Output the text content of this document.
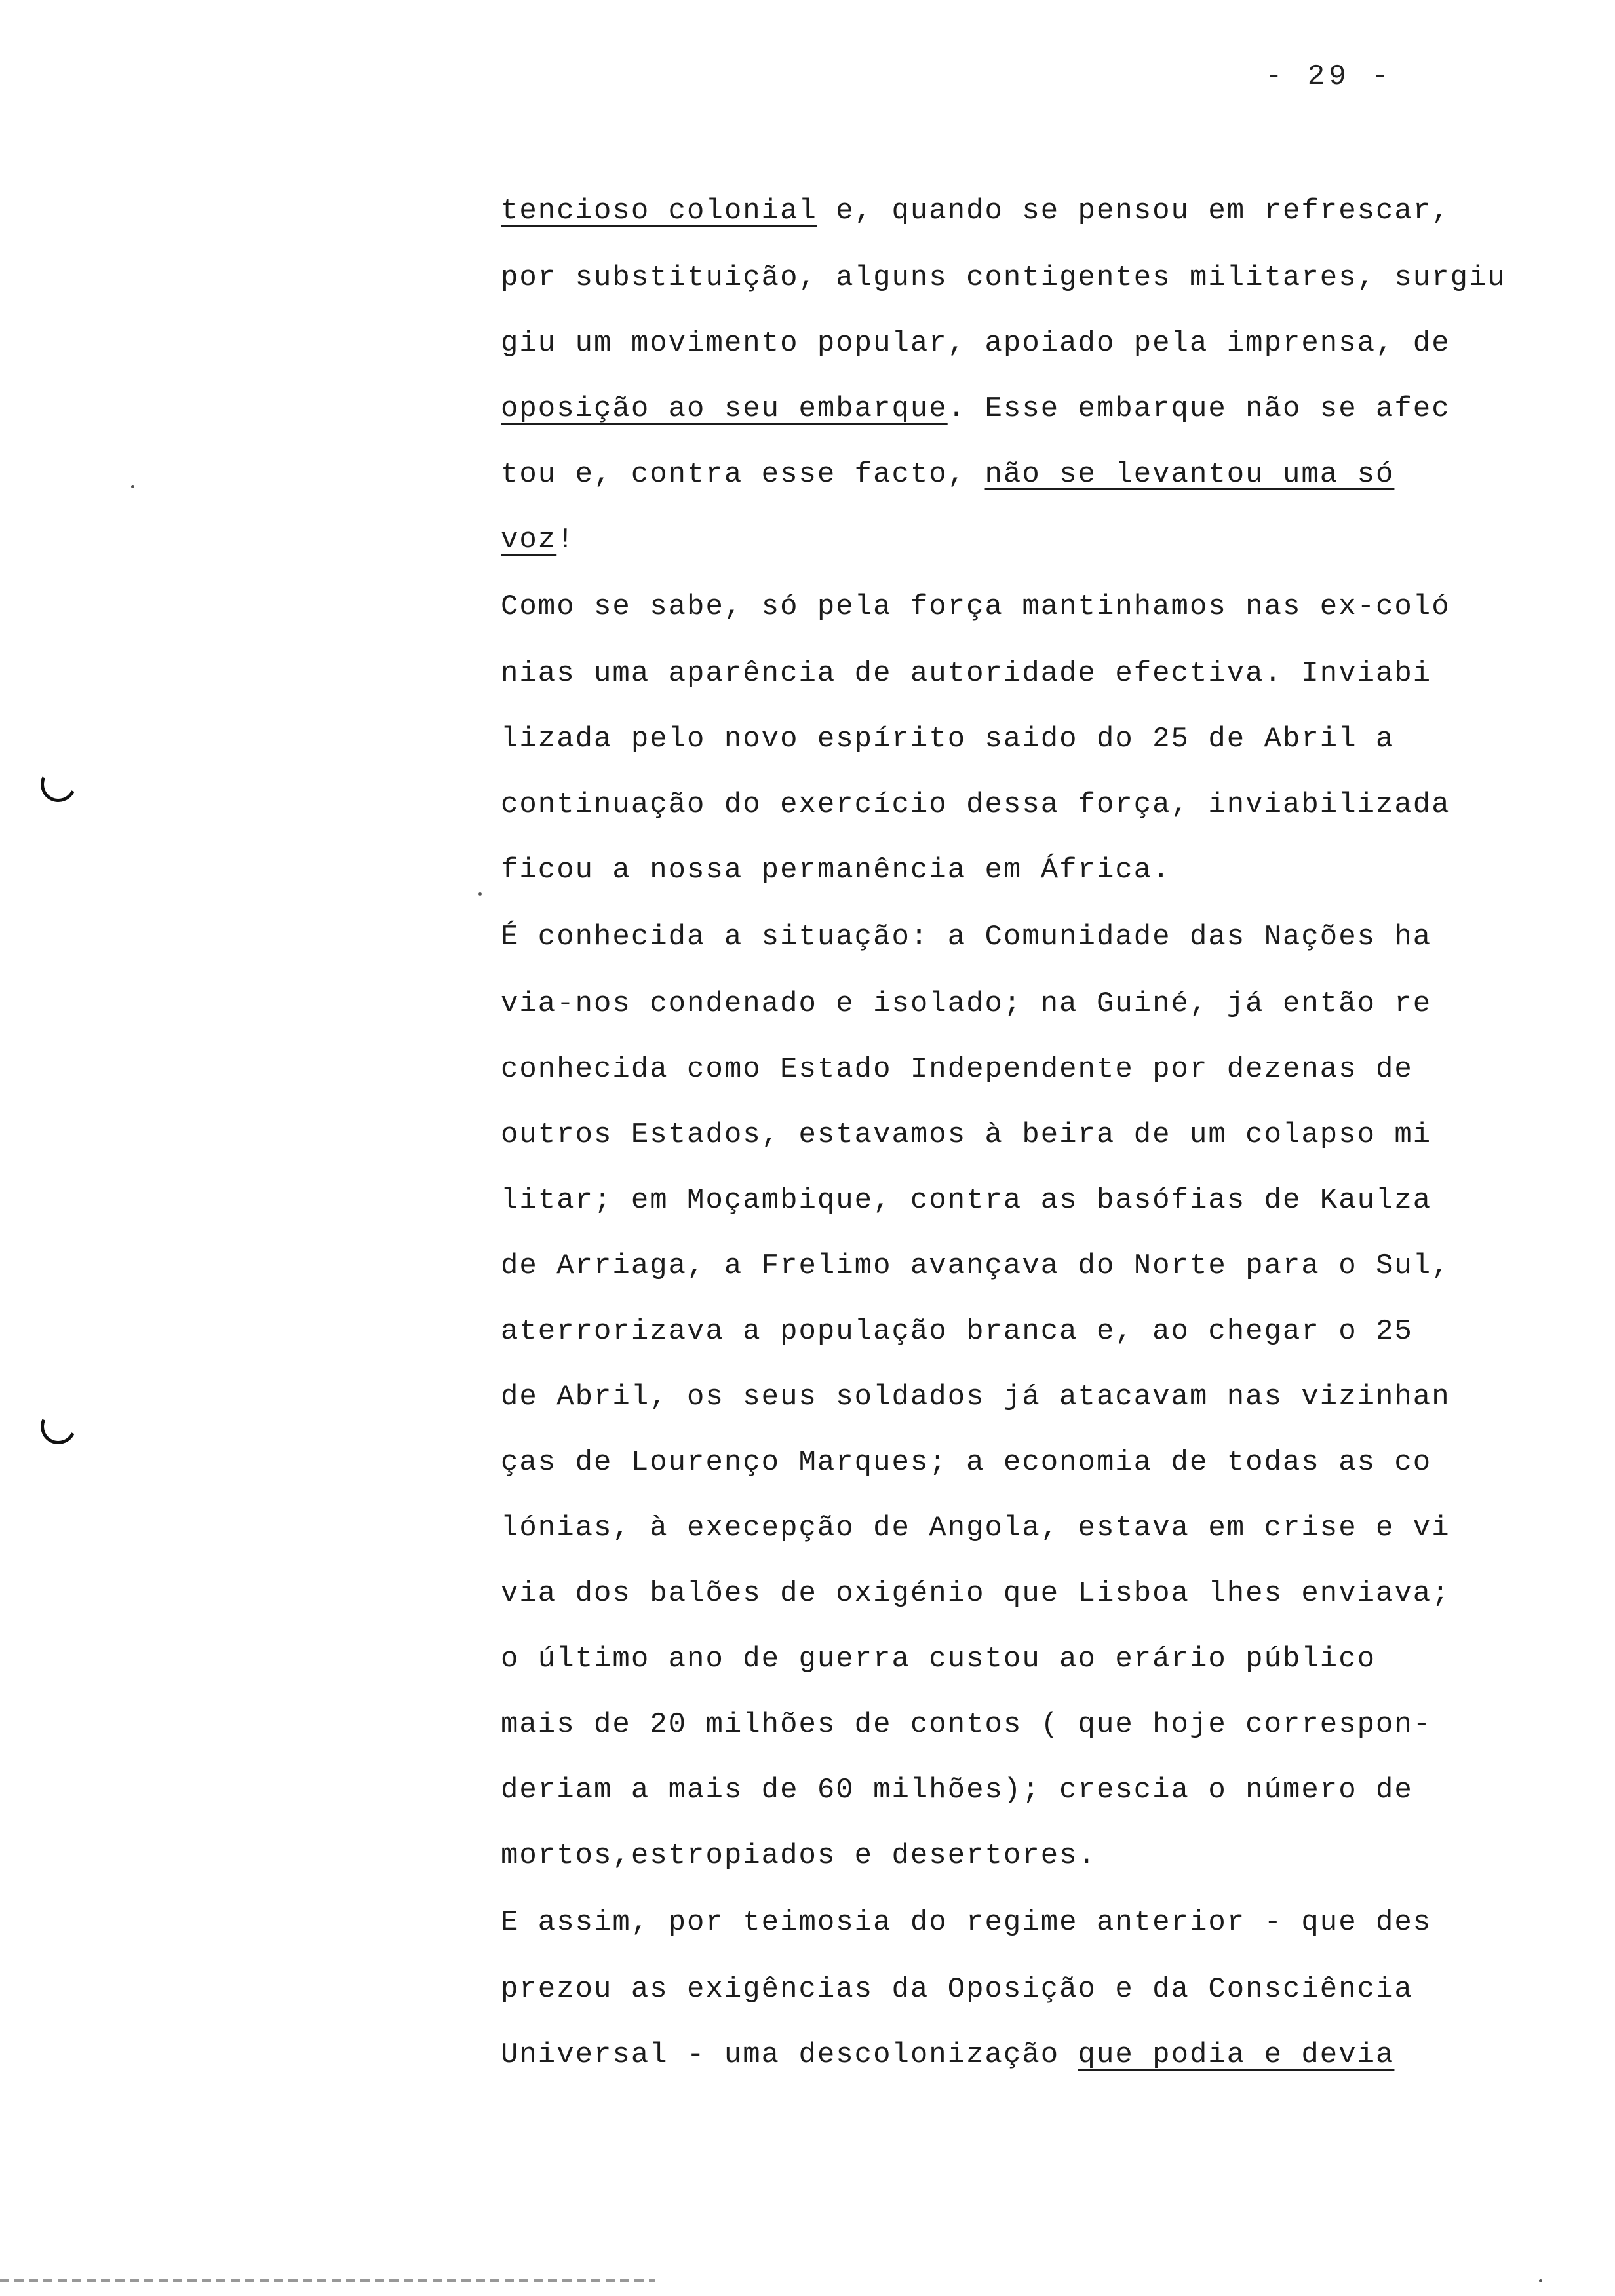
- 29 -
tencioso colonial e, quando se pensou em refrescar,
por substituição, alguns contigentes militares, surgiu
giu um movimento popular, apoiado pela imprensa, de
oposição ao seu embarque. Esse embarque não se afec
tou e, contra esse facto, não se levantou uma só
voz!
Como se sabe, só pela força mantinhamos nas ex-coló
nias uma aparência de autoridade efectiva. Inviabi
lizada pelo novo espírito saido do 25 de Abril a
continuação do exercício dessa força, inviabilizada
ficou a nossa permanência em África.
É conhecida a situação: a Comunidade das Nações ha
via-nos condenado e isolado; na Guiné, já então re
conhecida como Estado Independente por dezenas de
outros Estados, estavamos à beira de um colapso mi
litar; em Moçambique, contra as basófias de Kaulza
de Arriaga, a Frelimo avançava do Norte para o Sul,
aterrorizava a população branca e, ao chegar o 25
de Abril, os seus soldados já atacavam nas vizinhan
ças de Lourenço Marques; a economia de todas as co
lónias, à execepção de Angola, estava em crise e vi
via dos balões de oxigénio que Lisboa lhes enviava;
o último ano de guerra custou ao erário público
mais de 20 milhões de contos ( que hoje correspon-
deriam a mais de 60 milhões); crescia o número de
mortos,estropiados e desertores.
E assim, por teimosia do regime anterior - que des
prezou as exigências da Oposição e da Consciência
Universal - uma descolonização que podia e devia
